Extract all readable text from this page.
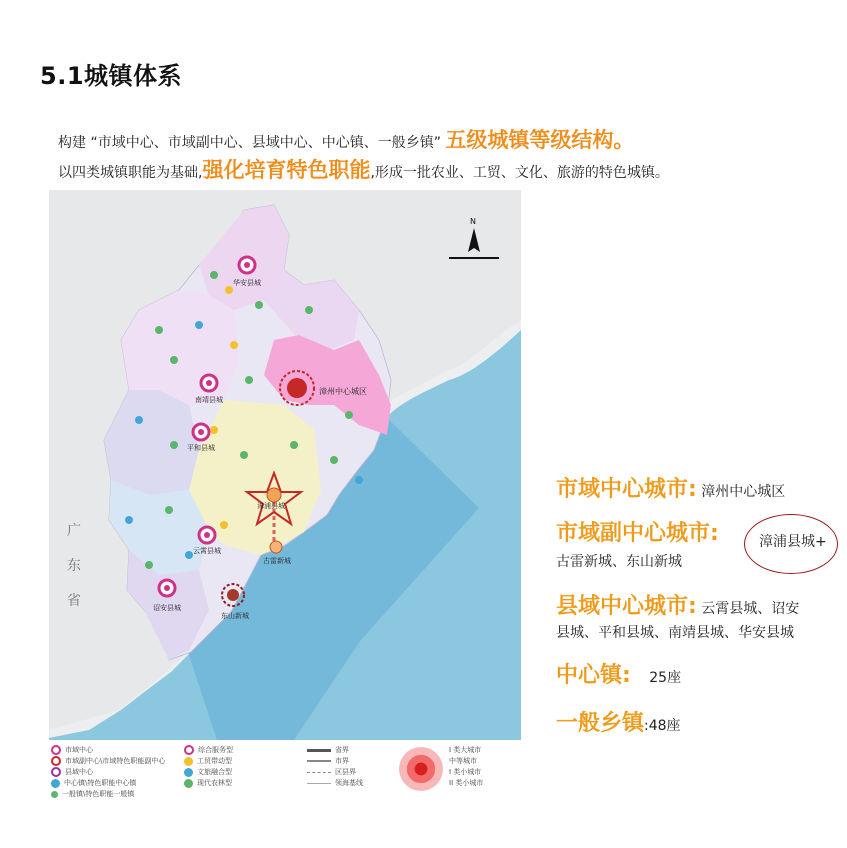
5.1城镇体系
构建 “市域中心、市域副中心、县域中心、中心镇、一般乡镇” 五级城镇等级结构。
以四类城镇职能为基础,强化培育特色职能,形成一批农业、工贸、文化、旅游的特色城镇。
N
广
东
省
华安县城
南靖县城
平和县城
云霄县城
诏安县城
漳州中心城区
漳浦县城
古雷新城
东山新城
市域中心
市域副中心\市域特色职能副中心
县域中心
中心镇\特色职能中心镇
一般镇\特色职能一般镇
综合服务型
工贸带动型
文旅融合型
现代农林型
省界
市界
区县界
领海基线
I 类大城市
中等城市
I 类小城市
II 类小城市
市域中心城市: 漳州中心城区
市域副中心城市:	漳浦县城+
古雷新城、东山新城
县域中心城市: 云霄县城、诏安
县城、平和县城、南靖县城、华安县城
中心镇: 25座
一般乡镇:48座
